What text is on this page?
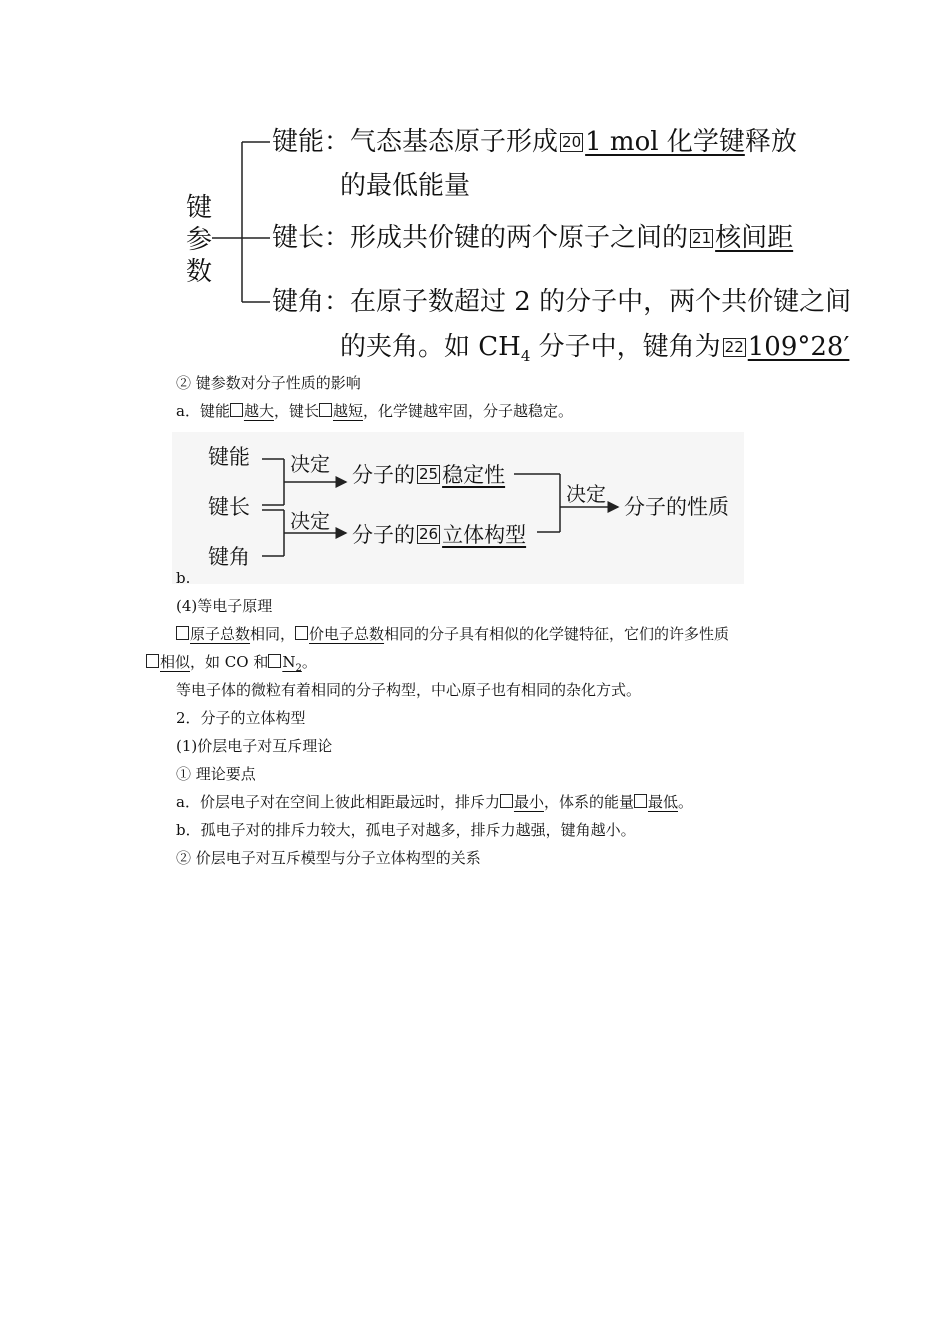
键
参
数
键能：气态基态原子形成 20 1 mol 化学键释放
的最低能量
键长：形成共价键的两个原子之间的 21 核间距
键角：在原子数超过 2 的分子中，两个共价键之间
的夹角。如 $CH_4$ 分子中，键角为 22 109°28′
② 键参数对分子性质的影响
a．键能 越大，键长 越短，化学键越牢固，分子越稳定。
键能
键长
键角
决定
决定
决定
分子的 25 稳定性
分子的 26 立体构型
分子的性质
b.
(4)等电子原理
原子总数相同， 价电子总数相同的分子具有相似的化学键特征，它们的许多性质
相似，如 CO 和 $N_2$。
等电子体的微粒有着相同的分子构型，中心原子也有相同的杂化方式。
2．分子的立体构型
(1)价层电子对互斥理论
① 理论要点
a．价层电子对在空间上彼此相距最远时，排斥力 最小，体系的能量 最低。
b．孤电子对的排斥力较大，孤电子对越多，排斥力越强，键角越小。
② 价层电子对互斥模型与分子立体构型的关系
